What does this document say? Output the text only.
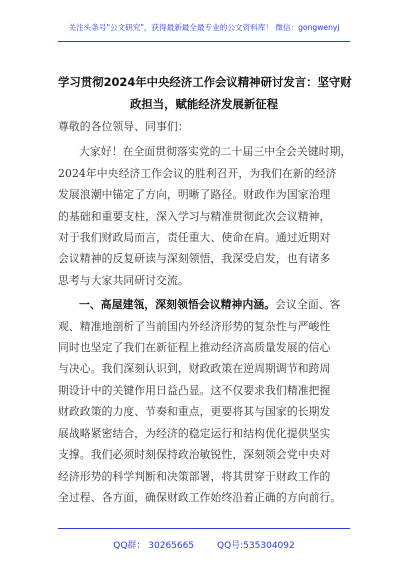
关注头条号"公文研究"，获得最新最全最专业的公文资料库！ 微信：gongwenyj
学习贯彻2024年中央经济工作会议精神研讨发言：坚守财
政担当，赋能经济发展新征程
尊敬的各位领导、同事们：
大家好！在全面贯彻落实党的二十届三中全会关键时期，
2024年中央经济工作会议的胜利召开，为我们在新的经济
发展浪潮中锚定了方向，明晰了路径。财政作为国家治理
的基础和重要支柱，深入学习与精准贯彻此次会议精神，
对于我们财政局而言，责任重大、使命在肩。通过近期对
会议精神的反复研读与深刻领悟，我深受启发，也有诸多
思考与大家共同研讨交流。
一、高屋建瓴，深刻领悟会议精神内涵。会议全面、客
观、精准地剖析了当前国内外经济形势的复杂性与严峻性
同时也坚定了我们在新征程上推动经济高质量发展的信心
与决心。我们深刻认识到，财政政策在逆周期调节和跨周
期设计中的关键作用日益凸显。这不仅要求我们精准把握
财政政策的力度、节奏和重点，更要将其与国家的长期发
展战略紧密结合，为经济的稳定运行和结构优化提供坚实
支撑。我们必须时刻保持政治敏锐性，深刻领会党中央对
经济形势的科学判断和决策部署，将其贯穿于财政工作的
全过程、各方面，确保财政工作始终沿着正确的方向前行。
QQ群： 30265665	QQ号:535304092
